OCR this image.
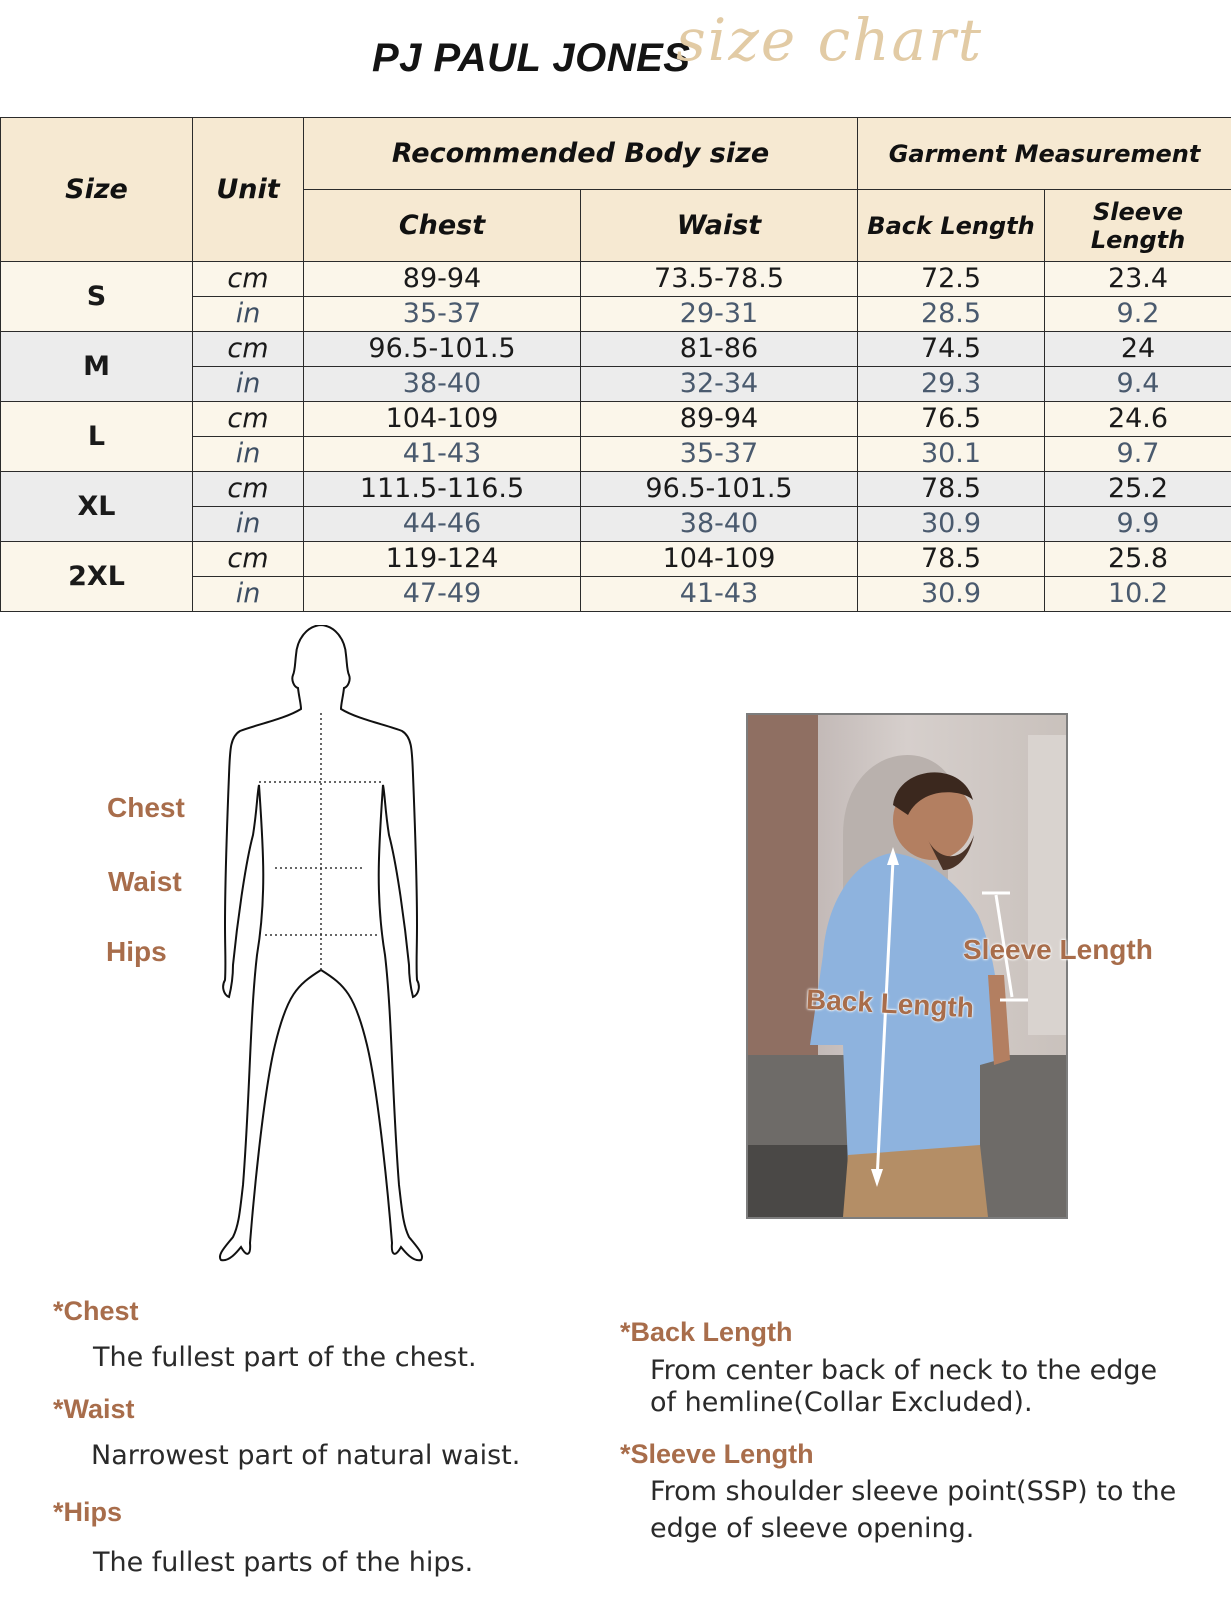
PJ PAUL JONES
size chart
Size	Unit	Recommended Body size		Garment Measurement	
		Chest	Waist	Back Length	Sleeve Length
S	cm	89-94	73.5-78.5	72.5	23.4
	in	35-37	29-31	28.5	9.2
M	cm	96.5-101.5	81-86	74.5	24
	in	38-40	32-34	29.3	9.4
L	cm	104-109	89-94	76.5	24.6
	in	41-43	35-37	30.1	9.7
XL	cm	111.5-116.5	96.5-101.5	78.5	25.2
	in	44-46	38-40	30.9	9.9
2XL	cm	119-124	104-109	78.5	25.8
	in	47-49	41-43	30.9	10.2
Chest
Waist
Hips	Sleeve Length
Back Length
*Chest
The fullest part of the chest.
*Waist
Narrowest part of natural waist.
*Hips
The fullest parts of the hips.
*Back Length
From center back of neck to the edge
of hemline(Collar Excluded).
*Sleeve Length
From shoulder sleeve point(SSP) to the
edge of sleeve opening.
